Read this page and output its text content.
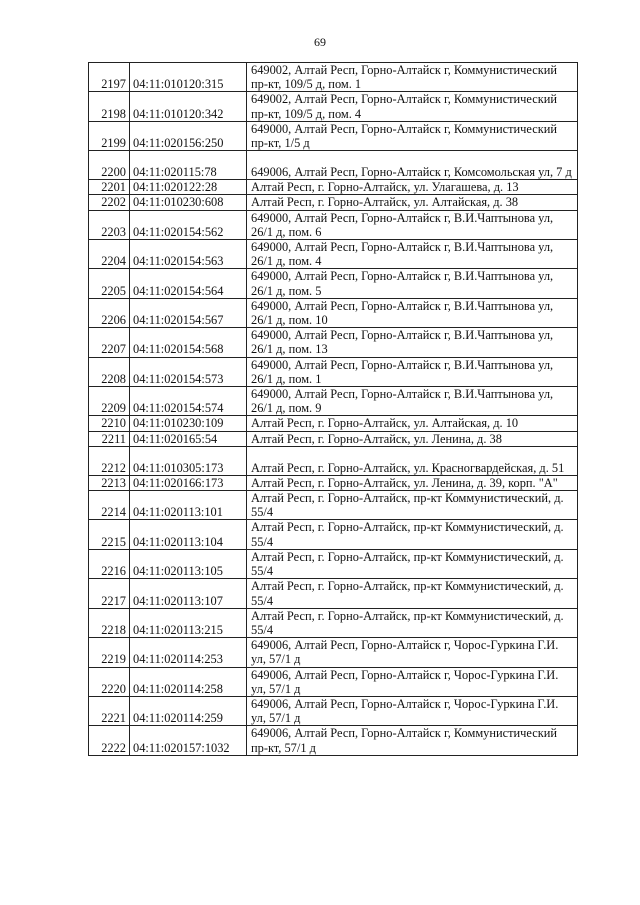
69
2197	04:11:010120:315	649002, Алтай Респ, Горно-Алтайск г, Коммунистический пр-кт, 109/5 д, пом. 1
2198	04:11:010120:342	649002, Алтай Респ, Горно-Алтайск г, Коммунистический пр-кт, 109/5 д, пом. 4
2199	04:11:020156:250	649000, Алтай Респ, Горно-Алтайск г, Коммунистический пр-кт, 1/5 д
2200	04:11:020115:78	649006, Алтай Респ, Горно-Алтайск г, Комсомольская ул, 7 д
2201	04:11:020122:28	Алтай Респ, г. Горно-Алтайск, ул. Улагашева, д. 13
2202	04:11:010230:608	Алтай Респ, г. Горно-Алтайск, ул. Алтайская, д. 38
2203	04:11:020154:562	649000, Алтай Респ, Горно-Алтайск г, В.И.Чаптынова ул, 26/1 д, пом. 6
2204	04:11:020154:563	649000, Алтай Респ, Горно-Алтайск г, В.И.Чаптынова ул, 26/1 д, пом. 4
2205	04:11:020154:564	649000, Алтай Респ, Горно-Алтайск г, В.И.Чаптынова ул, 26/1 д, пом. 5
2206	04:11:020154:567	649000, Алтай Респ, Горно-Алтайск г, В.И.Чаптынова ул, 26/1 д, пом. 10
2207	04:11:020154:568	649000, Алтай Респ, Горно-Алтайск г, В.И.Чаптынова ул, 26/1 д, пом. 13
2208	04:11:020154:573	649000, Алтай Респ, Горно-Алтайск г, В.И.Чаптынова ул, 26/1 д, пом. 1
2209	04:11:020154:574	649000, Алтай Респ, Горно-Алтайск г, В.И.Чаптынова ул, 26/1 д, пом. 9
2210	04:11:010230:109	Алтай Респ, г. Горно-Алтайск, ул. Алтайская, д. 10
2211	04:11:020165:54	Алтай Респ, г. Горно-Алтайск, ул. Ленина, д. 38
2212	04:11:010305:173	Алтай Респ, г. Горно-Алтайск, ул. Красногвардейская, д. 51
2213	04:11:020166:173	Алтай Респ, г. Горно-Алтайск, ул. Ленина, д. 39, корп. "А"
2214	04:11:020113:101	Алтай Респ, г. Горно-Алтайск, пр-кт Коммунистический, д. 55/4
2215	04:11:020113:104	Алтай Респ, г. Горно-Алтайск, пр-кт Коммунистический, д. 55/4
2216	04:11:020113:105	Алтай Респ, г. Горно-Алтайск, пр-кт Коммунистический, д. 55/4
2217	04:11:020113:107	Алтай Респ, г. Горно-Алтайск, пр-кт Коммунистический, д. 55/4
2218	04:11:020113:215	Алтай Респ, г. Горно-Алтайск, пр-кт Коммунистический, д. 55/4
2219	04:11:020114:253	649006, Алтай Респ, Горно-Алтайск г, Чорос-Гуркина Г.И. ул, 57/1 д
2220	04:11:020114:258	649006, Алтай Респ, Горно-Алтайск г, Чорос-Гуркина Г.И. ул, 57/1 д
2221	04:11:020114:259	649006, Алтай Респ, Горно-Алтайск г, Чорос-Гуркина Г.И. ул, 57/1 д
2222	04:11:020157:1032	649006, Алтай Респ, Горно-Алтайск г, Коммунистический пр-кт, 57/1 д
